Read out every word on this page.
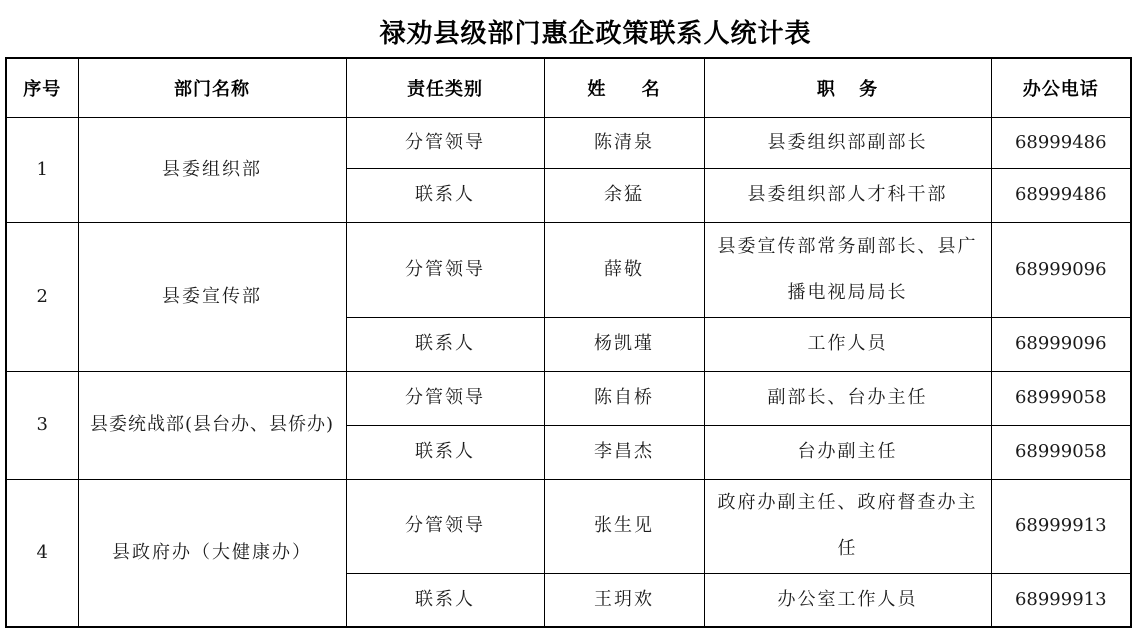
禄劝县级部门惠企政策联系人统计表
序号	部门名称	责任类别	姓 名	职 务	办公电话
1	县委组织部	分管领导	陈清泉	县委组织部副部长	68999486
		联系人	余猛	县委组织部人才科干部	68999486
2	县委宣传部	分管领导	薛敬	县委宣传部常务副部长、县广播电视局局长	68999096
		联系人	杨凯瑾	工作人员	68999096
3	县委统战部(县台办、县侨办)	分管领导	陈自桥	副部长、台办主任	68999058
		联系人	李昌杰	台办副主任	68999058
4	县政府办（大健康办）	分管领导	张生见	政府办副主任、政府督查办主任	68999913
		联系人	王玥欢	办公室工作人员	68999913
